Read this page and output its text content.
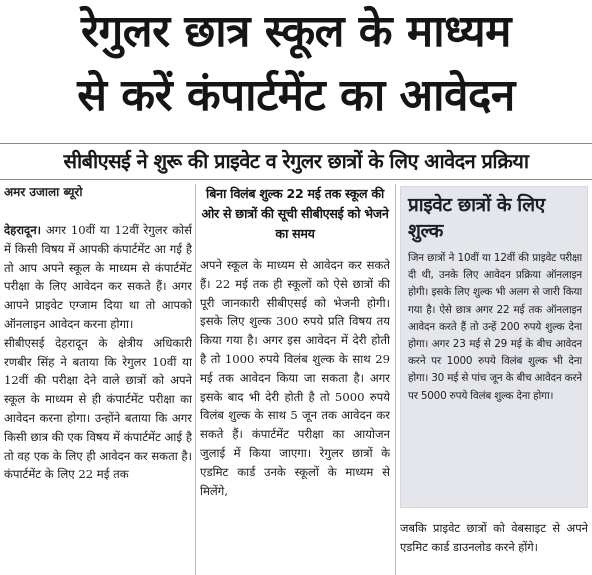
रेगुलर छात्र स्कूल के माध्यम
से करें कंपार्टमेंट का आवेदन
सीबीएसई ने शुरू की प्राइवेट व रेगुलर छात्रों के लिए आवेदन प्रक्रिया
अमर उजाला ब्यूरो

देहरादून। अगर 10वीं या 12वीं रेगुलर कोर्स में किसी विषय में आपकी कंपार्टमेंट आ गई है तो आप अपने स्कूल के माध्यम से कंपार्टमेंट परीक्षा के लिए आवेदन कर सकते हैं। अगर आपने प्राइवेट एग्जाम दिया था तो आपको ऑनलाइन आवेदन करना होगा।

सीबीएसई देहरादून के क्षेत्रीय अधिकारी रणबीर सिंह ने बताया कि रेगुलर 10वीं या 12वीं की परीक्षा देने वाले छात्रों को अपने स्कूल के माध्यम से ही कंपार्टमेंट परीक्षा का आवेदन करना होगा। उन्होंने बताया कि अगर किसी छात्र की एक विषय में कंपार्टमेंट आई है तो वह एक के लिए ही आवेदन कर सकता है। कंपार्टमेंट के लिए 22 मई तक

बिना विलंब शुल्क 22 मई तक स्कूल की ओर से छात्रों की सूची सीबीएसई को भेजने का समय

अपने स्कूल के माध्यम से आवेदन कर सकते हैं। 22 मई तक ही स्कूलों को ऐसे छात्रों की पूरी जानकारी सीबीएसई को भेजनी होगी। इसके लिए शुल्क 300 रुपये प्रति विषय तय किया गया है। अगर इस आवेदन में देरी होती है तो 1000 रुपये विलंब शुल्क के साथ 29 मई तक आवेदन किया जा सकता है। अगर इसके बाद भी देरी होती है तो 5000 रुपये विलंब शुल्क के साथ 5 जून तक आवेदन कर सकते हैं। कंपार्टमेंट परीक्षा का आयोजन जुलाई में किया जाएगा। रेगुलर छात्रों के एडमिट कार्ड उनके स्कूलों के माध्यम से मिलेंगे,

प्राइवेट छात्रों के लिए शुल्क
जिन छात्रों ने 10वीं या 12वीं की प्राइवेट परीक्षा दी थी, उनके लिए आवेदन प्रक्रिया ऑनलाइन होगी। इसके लिए शुल्क भी अलग से जारी किया गया है। ऐसे छात्र अगर 22 मई तक ऑनलाइन आवेदन करते हैं तो उन्हें 200 रुपये शुल्क देना होगा। अगर 23 मई से 29 मई के बीच आवेदन करने पर 1000 रुपये विलंब शुल्क भी देना होगा। 30 मई से पांच जून के बीच आवेदन करने पर 5000 रुपये विलंब शुल्क देना होगा।

जबकि प्राइवेट छात्रों को वेबसाइट से अपने एडमिट कार्ड डाउनलोड करने होंगे।
